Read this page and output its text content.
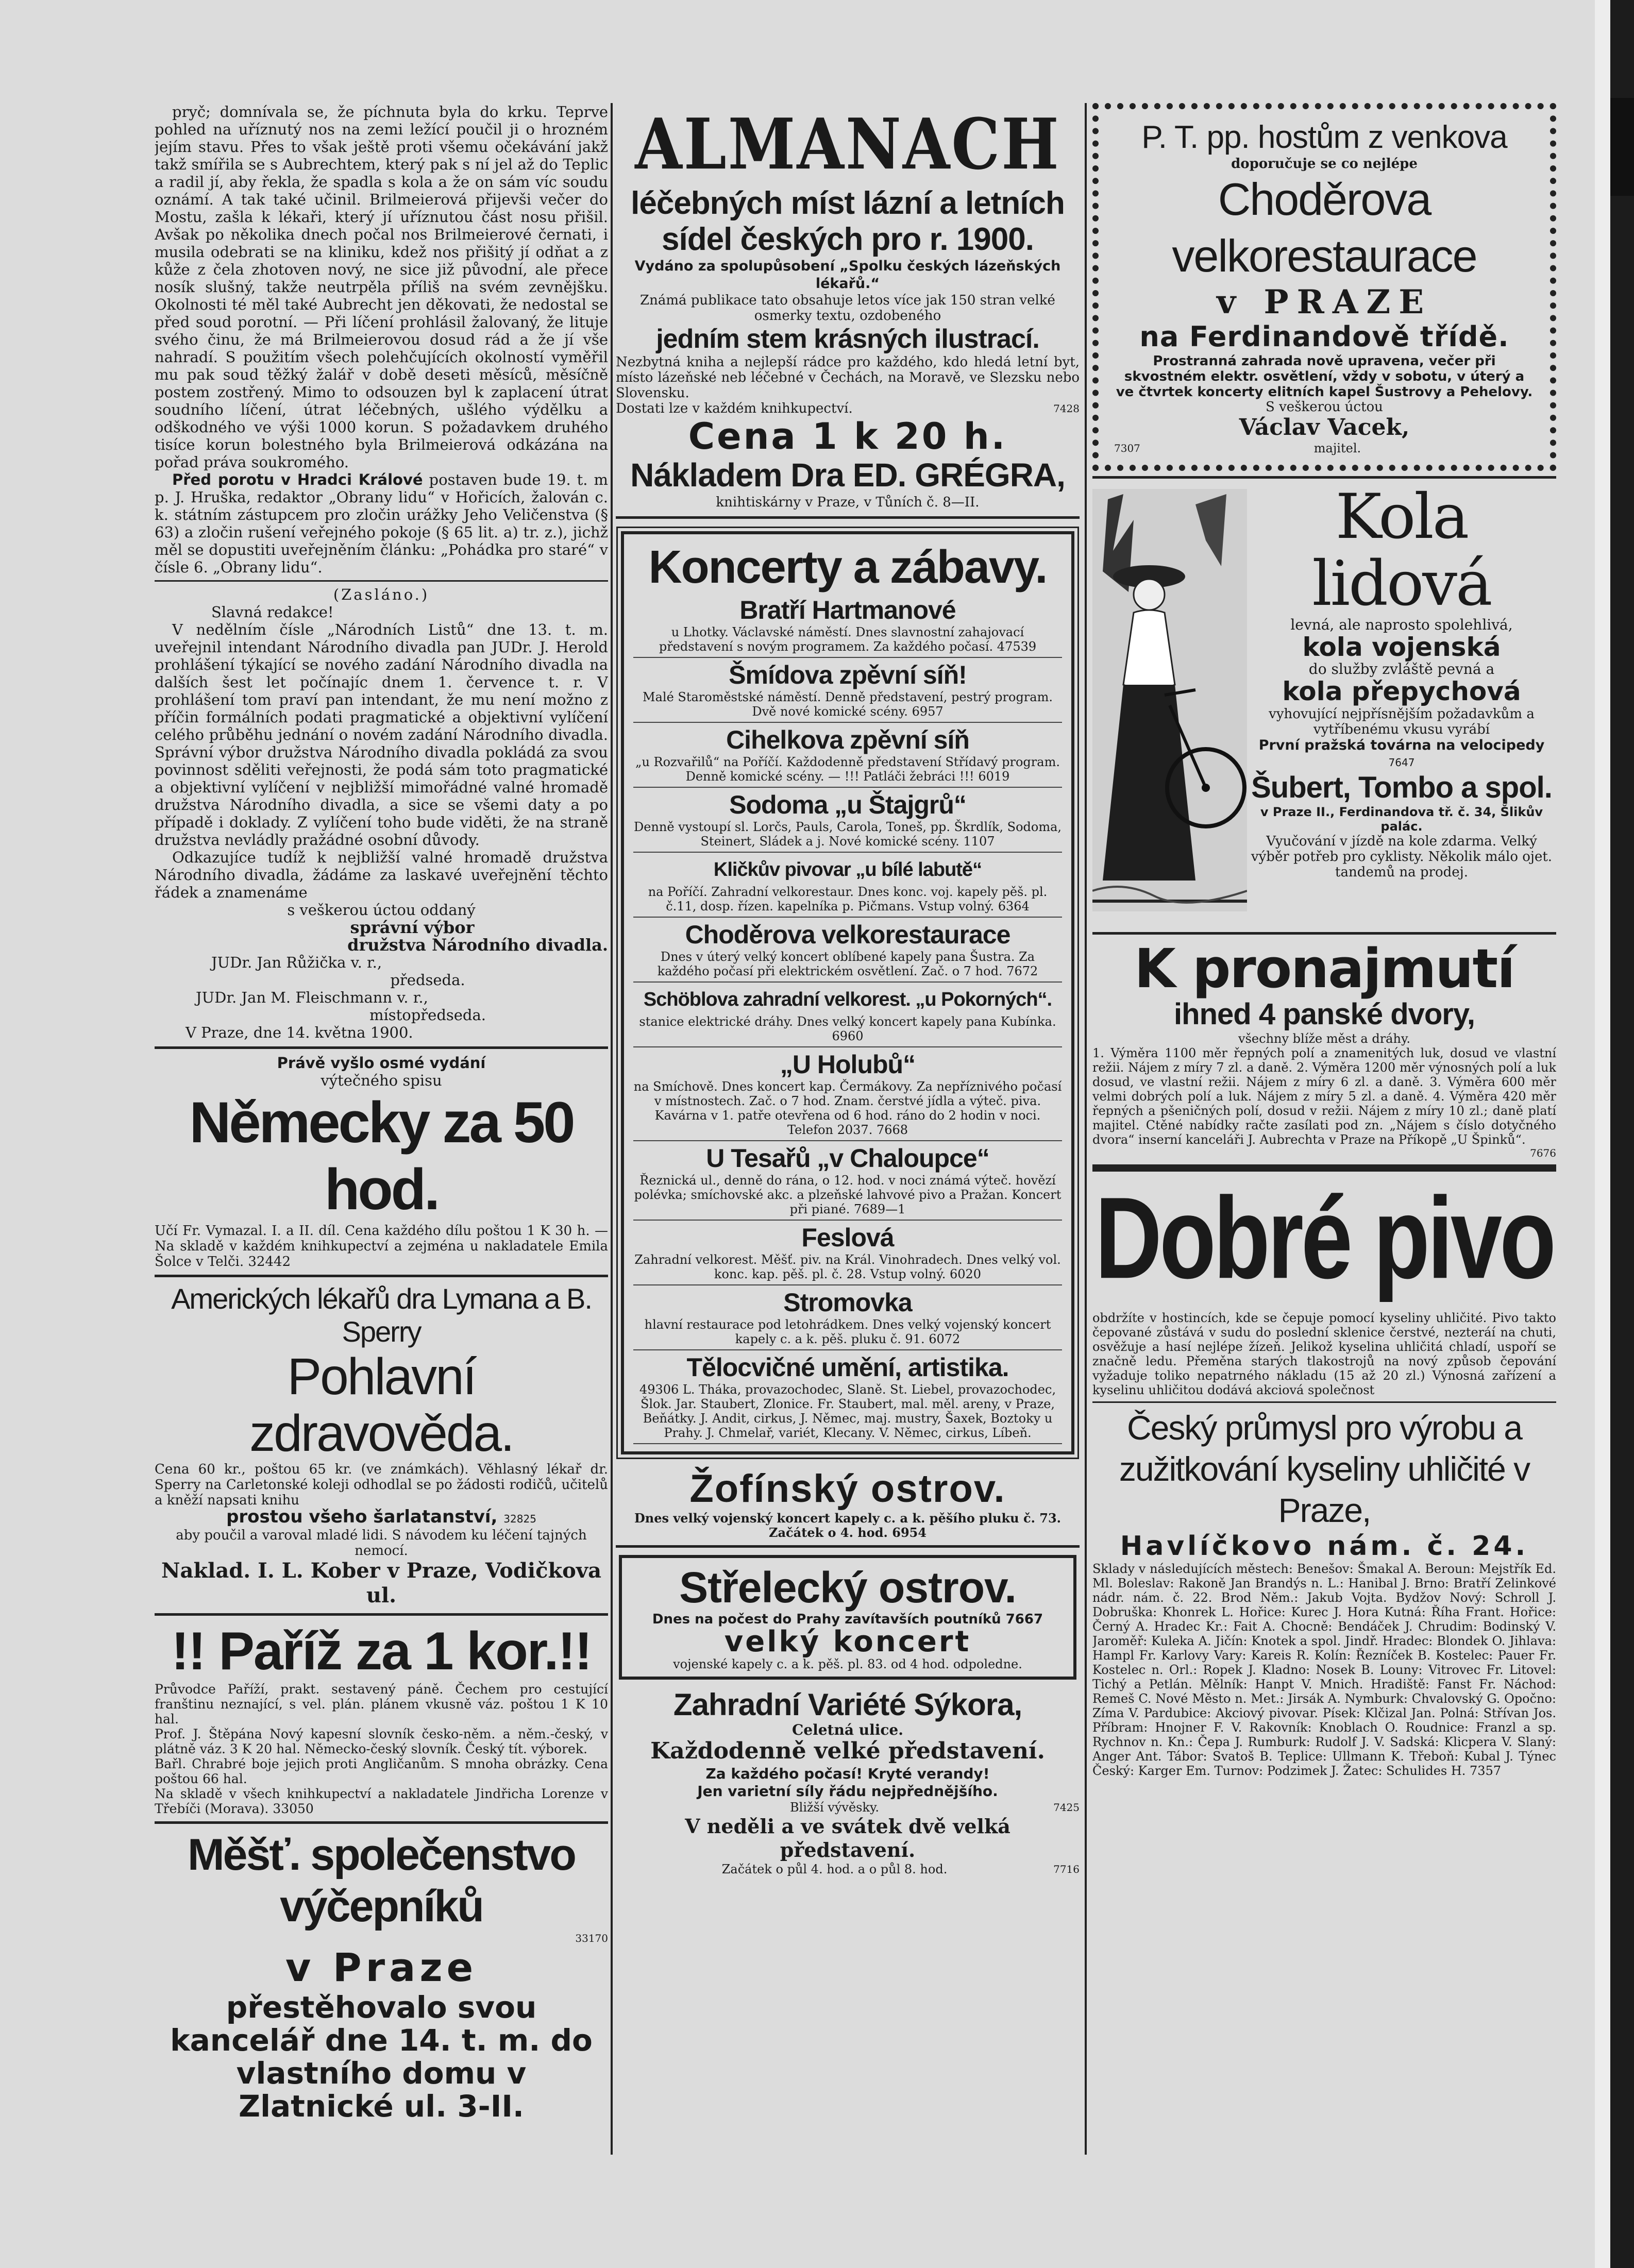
pryč; domnívala se, že píchnuta byla do krku. Teprve pohled na uříznutý nos na zemi ležící poučil ji o hrozném jejím stavu. Přes to však ještě proti všemu očekávání jakž takž smířila se s Aubrechtem, který pak s ní jel až do Teplic a radil jí, aby řekla, že spadla s kola a že on sám víc soudu oznámí. A tak také učinil. Brilmeierová přijevši večer do Mostu, zašla k lékaři, který jí uříznutou část nosu přišil. Avšak po několika dnech počal nos Brilmeierové černati, i musila odebrati se na kliniku, kdež nos přišitý jí odňat a z kůže z čela zhotoven nový, ne sice již původní, ale přece nosík slušný, takže neutrpěla příliš na svém zevnějšku. Okolnosti té měl také Aubrecht jen děkovati, že nedostal se před soud porotní. — Při líčení prohlásil žalovaný, že lituje svého činu, že má Brilmeierovou dosud rád a že jí vše nahradí. S použitím všech polehčujících okolností vyměřil mu pak soud těžký žalář v době deseti měsíců, měsíčně postem zostřený. Mimo to odsouzen byl k zaplacení útrat soudního líčení, útrat léčebných, ušlého výdělku a odškodného ve výši 1000 korun. S požadavkem druhého tisíce korun bolestného byla Brilmeierová odkázána na pořad práva soukromého.

Před porotu v Hradci Králové postaven bude 19. t. m p. J. Hruška, redaktor „Obrany lidu“ v Hořicích, žalován c. k. státním zástupcem pro zločin urážky Jeho Veličenstva (§ 63) a zločin rušení veřejného pokoje (§ 65 lit. a) tr. z.), jichž měl se dopustiti uveřejněním článku: „Pohádka pro staré“ v čísle 6. „Obrany lidu“.

(Zasláno.)

Slavná redakce!

V nedělním čísle „Národních Listů“ dne 13. t. m. uveřejnil intendant Národního divadla pan JUDr. J. Herold prohlášení týkající se nového zadání Národního divadla na dalších šest let počínajíc dnem 1. července t. r. V prohlášení tom praví pan intendant, že mu není možno z příčin formálních podati pragmatické a objektivní vylíčení celého průběhu jednání o novém zadání Národního divadla. Správní výbor družstva Národního divadla pokládá za svou povinnost sděliti veřejnosti, že podá sám toto pragmatické a objektivní vylíčení v nejbližší mimořádné valné hromadě družstva Národního divadla, a sice se všemi daty a po případě i doklady. Z vylíčení toho bude viděti, že na straně družstva nevládly pražádné osobní důvody.

Odkazujíce tudíž k nejbližší valné hromadě družstva Národního divadla, žádáme za laskavé uveřejnění těchto řádek a znamenáme

s veškerou úctou oddaný

správní výbor

družstva Národního divadla.

JUDr. Jan Růžička v. r.,

předseda.

JUDr. Jan M. Fleischmann v. r.,

místopředseda.

V Praze, dne 14. května 1900.

Právě vyšlo osmé vydání

výtečného spisu

Německy za 50 hod.

Učí Fr. Vymazal. I. a II. díl. Cena každého dílu poštou 1 K 30 h. — Na skladě v každém knihkupectví a zejména u nakladatele Emila Šolce v Telči. 32442

Amerických lékařů dra Lymana a B. Sperry

Pohlavní zdravověda.

Cena 60 kr., poštou 65 kr. (ve známkách). Věhlasný lékař dr. Sperry na Carletonské koleji odhodlal se po žádosti rodičů, učitelů a kněží napsati knihu

prostou všeho šarlatanství, 32825

aby poučil a varoval mladé lidi. S návodem ku léčení tajných nemocí.

Naklad. I. L. Kober v Praze, Vodičkova ul.

!! Paříž za 1 kor.!!

Průvodce Paříží, prakt. sestavený páně. Čechem pro cestující franštinu neznající, s vel. plán. plánem vkusně váz. poštou 1 K 10 hal.

Prof. J. Štěpána Nový kapesní slovník česko-něm. a něm.-český, v plátně váz. 3 K 20 hal. Německo-český slovník. Český tít. výborek.

Bařl. Chrabré boje jejich proti Angličanům. S mnoha obrázky. Cena poštou 66 hal.

Na skladě v všech knihkupectví a nakladatele Jindřicha Lorenze v Třebíči (Morava). 33050

Měšť. společenstvo výčepníků

33170

v Praze

přestěhovalo svou kancelář dne 14. t. m. do vlastního domu v Zlatnické ul. 3-II.

ALMANACH

léčebných míst lázní a letních sídel českých pro r. 1900.

Vydáno za spolupůsobení „Spolku českých lázeňských lékařů.“

Známá publikace tato obsahuje letos více jak 150 stran velké osmerky textu, ozdobeného

jedním stem krásných ilustrací.

Nezbytná kniha a nejlepší rádce pro každého, kdo hledá letní byt, místo lázeňské neb léčebné v Čechách, na Moravě, ve Slezsku nebo Slovensku.

Dostati lze v každém knihkupectví.	7428

Cena 1 k 20 h.

Nákladem Dra ED. GRÉGRA,

knihtiskárny v Praze, v Tůních č. 8—II.

Koncerty a zábavy.

Bratří Hartmanové

u Lhotky. Václavské náměstí. Dnes slavnostní zahajovací představení s novým programem. Za každého počasí. 47539

Šmídova zpěvní síň!

Malé Staroměstské náměstí. Denně představení, pestrý program. Dvě nové komické scény. 6957

Cihelkova zpěvní síň

„u Rozvařilů“ na Poříčí. Každodenně představení Střídavý program. Denně komické scény. — !!! Patláči žebráci !!! 6019

Sodoma „u Štajgrů“

Denně vystoupí sl. Lorčs, Pauls, Carola, Toneš, pp. Škrdlík, Sodoma, Steinert, Sládek a j. Nové komické scény. 1107

Kličkův pivovar „u bílé labutě“

na Poříčí. Zahradní velkorestaur. Dnes konc. voj. kapely pěš. pl. č.11, dosp. řízen. kapelníka p. Pičmans. Vstup volný. 6364

Choděrova velkorestaurace

Dnes v úterý velký koncert oblíbené kapely pana Šustra. Za každého počasí při elektrickém osvětlení. Zač. o 7 hod. 7672

Schöblova zahradní velkorest. „u Pokorných“.

stanice elektrické dráhy. Dnes velký koncert kapely pana Kubínka. 6960

„U Holubů“

na Smíchově. Dnes koncert kap. Čermákovy. Za nepříznivého počasí v místnostech. Zač. o 7 hod. Znam. čerstvé jídla a výteč. piva. Kavárna v 1. patře otevřena od 6 hod. ráno do 2 hodin v noci. Telefon 2037. 7668

U Tesařů „v Chaloupce“

Řeznická ul., denně do rána, o 12. hod. v noci známá výteč. hovězí polévka; smíchovské akc. a plzeňské lahvové pivo a Pražan. Koncert při piané. 7689—1

Feslová

Zahradní velkorest. Měšť. piv. na Král. Vinohradech. Dnes velký vol. konc. kap. pěš. pl. č. 28. Vstup volný. 6020

Stromovka

hlavní restaurace pod letohrádkem. Dnes velký vojenský koncert kapely c. a k. pěš. pluku č. 91. 6072

Tělocvičné umění, artistika.

49306 L. Tháka, provazochodec, Slaně. St. Liebel, provazochodec, Šlok. Jar. Staubert, Zlonice. Fr. Staubert, mal. měl. areny, v Praze, Beňátky. J. Andit, cirkus, J. Němec, maj. mustry, Šaxek, Boztoky u Prahy. J. Chmelař, variét, Klecany. V. Němec, cirkus, Líbeň.

Žofínský ostrov.

Dnes velký vojenský koncert kapely c. a k. pěšího pluku č. 73. Začátek o 4. hod. 6954

Střelecký ostrov.

Dnes na počest do Prahy zavítavších poutníků 7667

velký koncert

vojenské kapely c. a k. pěš. pl. 83. od 4 hod. odpoledne.

Zahradní Variété Sýkora,

Celetná ulice.

Každodenně velké představení.

Za každého počasí! Kryté verandy!

Jen varietní síly řádu nejpřednějšího.

Bližší vývěsky.	7425

V neděli a ve svátek dvě velká představení.

Začátek o půl 4. hod. a o půl 8. hod.	7716

P. T. pp. hostům z venkova

doporučuje se co nejlépe

Choděrova velkorestaurace

v PRAZE

na Ferdinandově třídě.

Prostranná zahrada nově upravena, večer při skvostném elektr. osvětlení, vždy v sobotu, v úterý a ve čtvrtek koncerty elitních kapel Šustrovy a Pehelovy.

S veškerou úctou

Václav Vacek,

7307	majitel.

Kola lidová

levná, ale naprosto spolehlivá,

kola vojenská

do služby zvláště pevná a

kola přepychová

vyhovující nejpřísnějším požadavkům a vytříbenému vkusu vyrábí

První pražská továrna na velocipedy 7647

Šubert, Tombo a spol.

v Praze II., Ferdinandova tř. č. 34, Šlikův palác.

Vyučování v jízdě na kole zdarma. Velký výběr potřeb pro cyklisty. Několik málo ojet. tandemů na prodej.

K pronajmutí

ihned 4 panské dvory,

všechny blíže měst a dráhy.

1. Výměra 1100 měr řepných polí a znamenitých luk, dosud ve vlastní režii. Nájem z míry 7 zl. a daně. 2. Výměra 1200 měr výnosných polí a luk dosud, ve vlastní režii. Nájem z míry 6 zl. a daně. 3. Výměra 600 měr velmi dobrých polí a luk. Nájem z míry 5 zl. a daně. 4. Výměra 420 měr řepných a pšeničných polí, dosud v režii. Nájem z míry 10 zl.; daně platí majitel. Ctěné nabídky račte zasílati pod zn. „Nájem s číslo dotyčného dvora“ inserní kanceláři J. Aubrechta v Praze na Příkopě „U Špinků“.

7676

Dobré pivo

obdržíte v hostincích, kde se čepuje pomocí kyseliny uhličité. Pivo takto čepované zůstává v sudu do poslední sklenice čerstvé, nezteráí na chuti, osvěžuje a hasí nejlépe žízeň. Jelikož kyselina uhličitá chladí, uspoří se značně ledu. Přeměna starých tlakostrojů na nový způsob čepování vyžaduje toliko nepatrného nákladu (15 až 20 zl.) Výnosná zařízení a kyselinu uhličitou dodává akciová společnost

Český průmysl pro výrobu a zužitkování kyseliny uhličité v Praze,

Havlíčkovo nám. č. 24.

Sklady v následujících městech: Benešov: Šmakal A. Beroun: Mejstřík Ed. Ml. Boleslav: Rakoně Jan Brandýs n. L.: Hanibal J. Brno: Bratří Zelinkové nádr. nám. č. 22. Brod Něm.: Jakub Vojta. Bydžov Nový: Schroll J. Dobruška: Khonrek L. Hořice: Kurec J. Hora Kutná: Říha Frant. Hořice: Černý A. Hradec Kr.: Fait A. Chocně: Bendáček J. Chrudim: Bodinský V. Jaroměř: Kuleka A. Jičín: Knotek a spol. Jindř. Hradec: Blondek O. Jihlava: Hampl Fr. Karlovy Vary: Kareis R. Kolín: Řezníček B. Kostelec: Pauer Fr. Kostelec n. Orl.: Ropek J. Kladno: Nosek B. Louny: Vitrovec Fr. Litovel: Tichý a Petlán. Mělník: Hanpt V. Mnich. Hradiště: Fanst Fr. Náchod: Remeš C. Nové Město n. Met.: Jirsák A. Nymburk: Chvalovský G. Opočno: Zíma V. Pardubice: Akciový pivovar. Písek: Klčizal Jan. Polná: Střívan Jos. Příbram: Hnojner F. V. Rakovník: Knoblach O. Roudnice: Franzl a sp. Rychnov n. Kn.: Čepa J. Rumburk: Rudolf J. V. Sadská: Klicpera V. Slaný: Anger Ant. Tábor: Svatoš B. Teplice: Ullmann K. Třeboň: Kubal J. Týnec Český: Karger Em. Turnov: Podzimek J. Žatec: Schulides H. 7357
